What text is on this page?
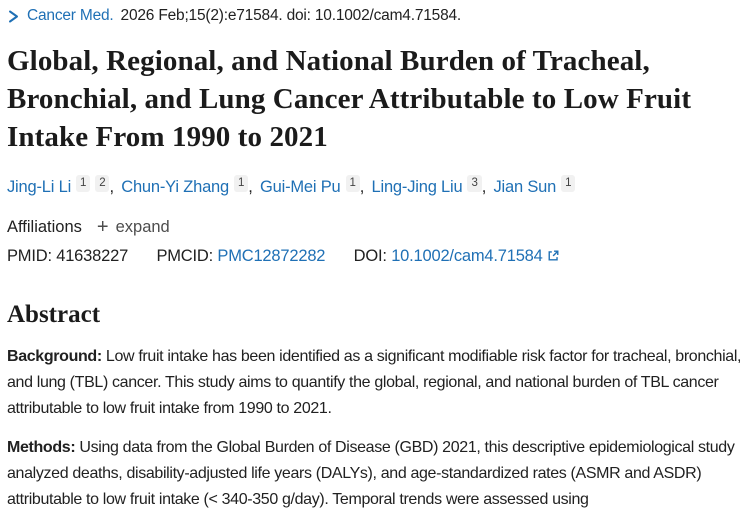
Cancer Med. 2026 Feb;15(2):e71584. doi: 10.1002/cam4.71584.
Global, Regional, and National Burden of Tracheal, Bronchial, and Lung Cancer Attributable to Low Fruit Intake From 1990 to 2021
Jing-Li Li 1 2 , Chun-Yi Zhang 1 , Gui-Mei Pu 1 , Ling-Jing Liu 3 , Jian Sun 1
Affiliations + expand
PMID: 41638227 PMCID: PMC12872282 DOI: 10.1002/cam4.71584
Abstract

Background: Low fruit intake has been identified as a significant modifiable risk factor for tracheal, bronchial, and lung (TBL) cancer. This study aims to quantify the global, regional, and national burden of TBL cancer attributable to low fruit intake from 1990 to 2021.

Methods: Using data from the Global Burden of Disease (GBD) 2021, this descriptive epidemiological study analyzed deaths, disability-adjusted life years (DALYs), and age-standardized rates (ASMR and ASDR) attributable to low fruit intake (< 340-350 g/day). Temporal trends were assessed using
